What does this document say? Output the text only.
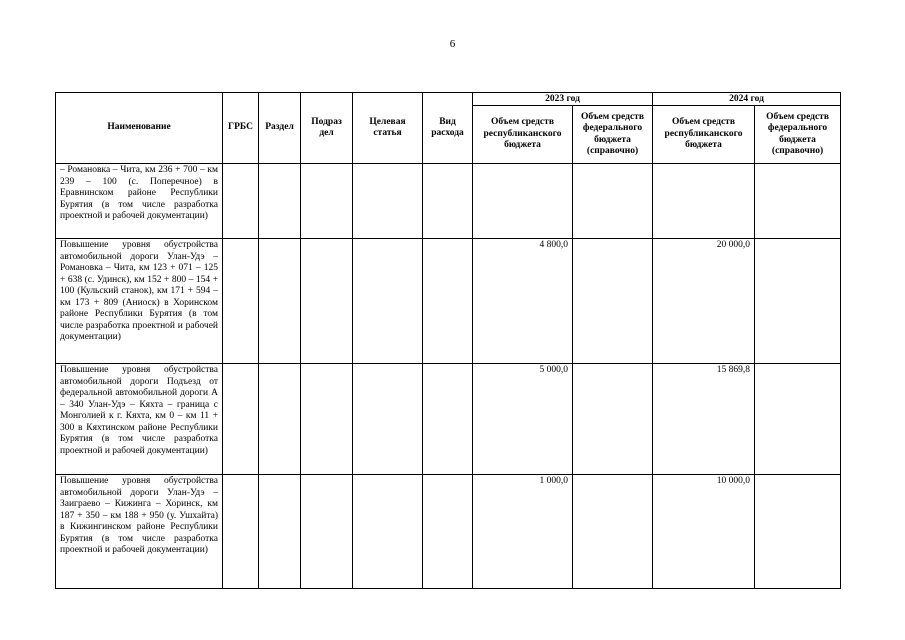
6
Наименование	ГРБС	Раздел	Подраз дел	Целевая статья	Вид расхода	2023 год		2024 год	
						Объем средств республиканского бюджета	Объем средств федерального бюджета (справочно)	Объем средств республиканского бюджета	Объем средств федерального бюджета (справочно)
– Романовка – Чита, км 236 + 700 – км 239 – 100 (с. Поперечное) в Еравнинском районе Республики Бурятия (в том числе разработка проектной и рабочей документации)									
Повышение уровня обустройства автомобильной дороги Улан-Удэ – Романовка – Чита, км 123 + 071 – 125 + 638 (с. Удинск), км 152 + 800 – 154 + 100 (Кульский станок), км 171 + 594 – км 173 + 809 (Аниоск) в Хоринском районе Республики Бурятия (в том числе разработка проектной и рабочей документации)						4 800,0		20 000,0	
Повышение уровня обустройства автомобильной дороги Подъезд от федеральной автомобильной дороги А – 340 Улан-Удэ – Кяхта – граница с Монголией к г. Кяхта, км 0 – км 11 + 300 в Кяхтинском районе Республики Бурятия (в том числе разработка проектной и рабочей документации)						5 000,0		15 869,8	
Повышение уровня обустройства автомобильной дороги Улан-Удэ – Заиграево – Кижинга – Хоринск, км 187 + 350 – км 188 + 950 (у. Ушхайта) в Кижингинском районе Республики Бурятия (в том числе разработка проектной и рабочей документации)						1 000,0		10 000,0	
